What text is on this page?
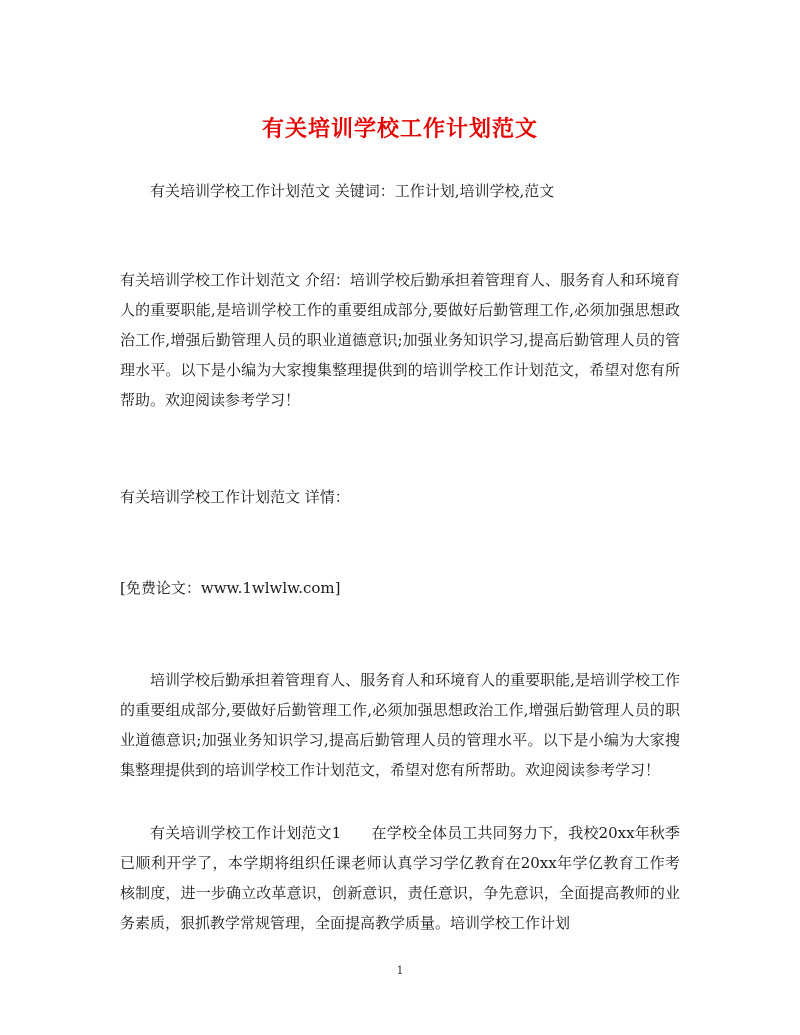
有关培训学校工作计划范文

有关培训学校工作计划范文 关键词：工作计划,培训学校,范文

有关培训学校工作计划范文 介绍：培训学校后勤承担着管理育人、服务育人和环境育人的重要职能,是培训学校工作的重要组成部分,要做好后勤管理工作,必须加强思想政治工作,增强后勤管理人员的职业道德意识;加强业务知识学习,提高后勤管理人员的管理水平。以下是小编为大家搜集整理提供到的培训学校工作计划范文，希望对您有所帮助。欢迎阅读参考学习！

有关培训学校工作计划范文 详情：

[免费论文：www.1wlwlw.com]

培训学校后勤承担着管理育人、服务育人和环境育人的重要职能,是培训学校工作的重要组成部分,要做好后勤管理工作,必须加强思想政治工作,增强后勤管理人员的职业道德意识;加强业务知识学习,提高后勤管理人员的管理水平。以下是小编为大家搜集整理提供到的培训学校工作计划范文，希望对您有所帮助。欢迎阅读参考学习！

有关培训学校工作计划范文1　　在学校全体员工共同努力下，我校20xx年秋季已顺利开学了，本学期将组织任课老师认真学习学亿教育在20xx年学亿教育工作考核制度，进一步确立改革意识，创新意识，责任意识，争先意识，全面提高教师的业务素质，狠抓教学常规管理，全面提高教学质量。培训学校工作计划

1
